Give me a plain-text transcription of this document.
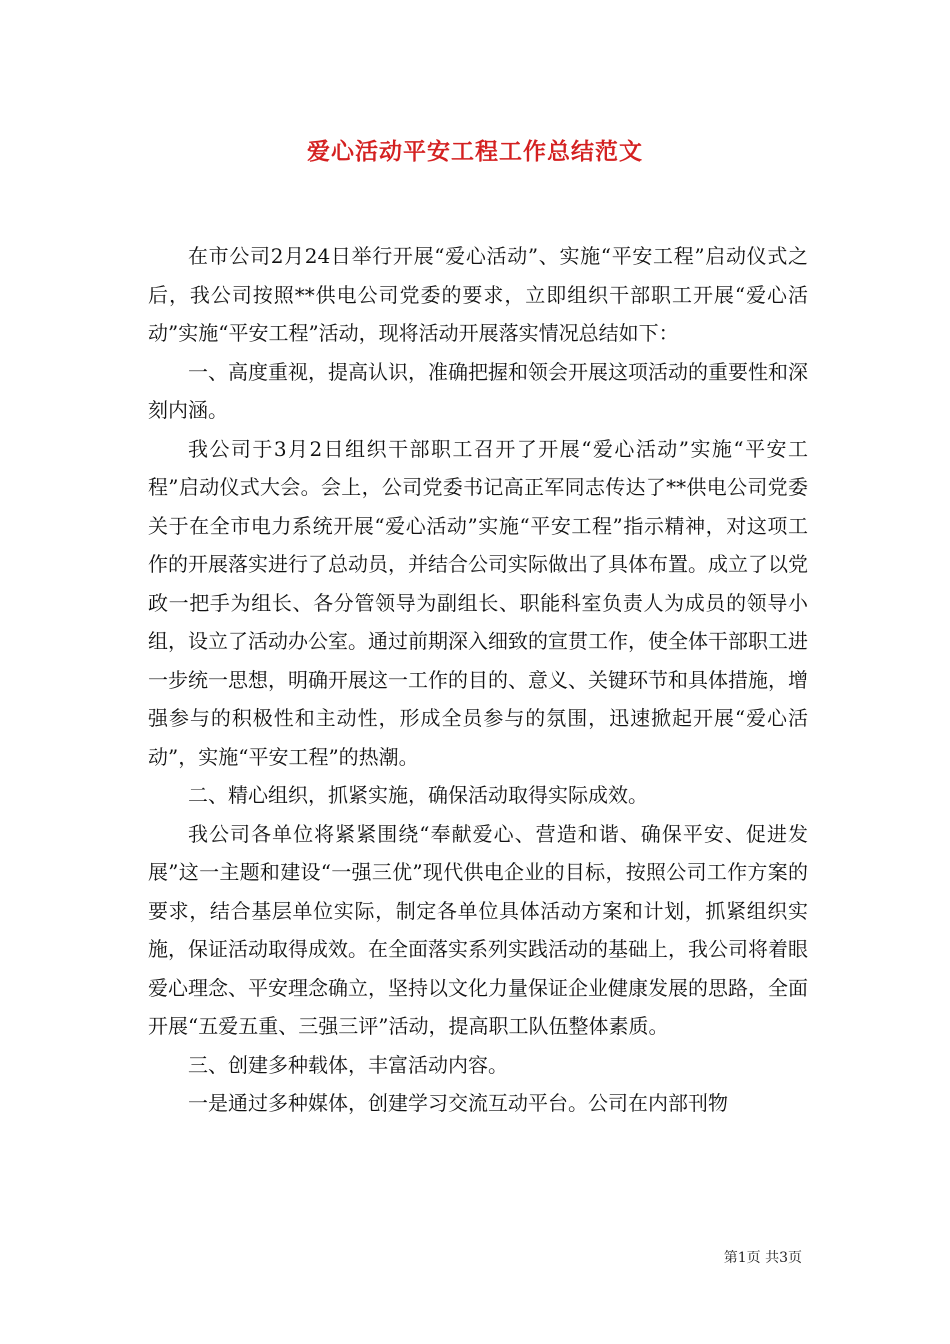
爱心活动平安工程工作总结范文

在市公司2月24日举行开展“爱心活动”、实施“平安工程”启动仪式之后，我公司按照**供电公司党委的要求，立即组织干部职工开展“爱心活动”实施“平安工程”活动，现将活动开展落实情况总结如下：

一、高度重视，提高认识，准确把握和领会开展这项活动的重要性和深刻内涵。

我公司于3月2日组织干部职工召开了开展“爱心活动”实施“平安工程”启动仪式大会。会上，公司党委书记高正军同志传达了**供电公司党委关于在全市电力系统开展“爱心活动”实施“平安工程”指示精神，对这项工作的开展落实进行了总动员，并结合公司实际做出了具体布置。成立了以党政一把手为组长、各分管领导为副组长、职能科室负责人为成员的领导小组，设立了活动办公室。通过前期深入细致的宣贯工作，使全体干部职工进一步统一思想，明确开展这一工作的目的、意义、关键环节和具体措施，增强参与的积极性和主动性，形成全员参与的氛围，迅速掀起开展“爱心活动”，实施“平安工程”的热潮。

二、精心组织，抓紧实施，确保活动取得实际成效。

我公司各单位将紧紧围绕“奉献爱心、营造和谐、确保平安、促进发展”这一主题和建设“一强三优”现代供电企业的目标，按照公司工作方案的要求，结合基层单位实际，制定各单位具体活动方案和计划，抓紧组织实施，保证活动取得成效。在全面落实系列实践活动的基础上，我公司将着眼爱心理念、平安理念确立，坚持以文化力量保证企业健康发展的思路，全面开展“五爱五重、三强三评”活动，提高职工队伍整体素质。

三、创建多种载体，丰富活动内容。

一是通过多种媒体，创建学习交流互动平台。公司在内部刊物

第1页 共3页
